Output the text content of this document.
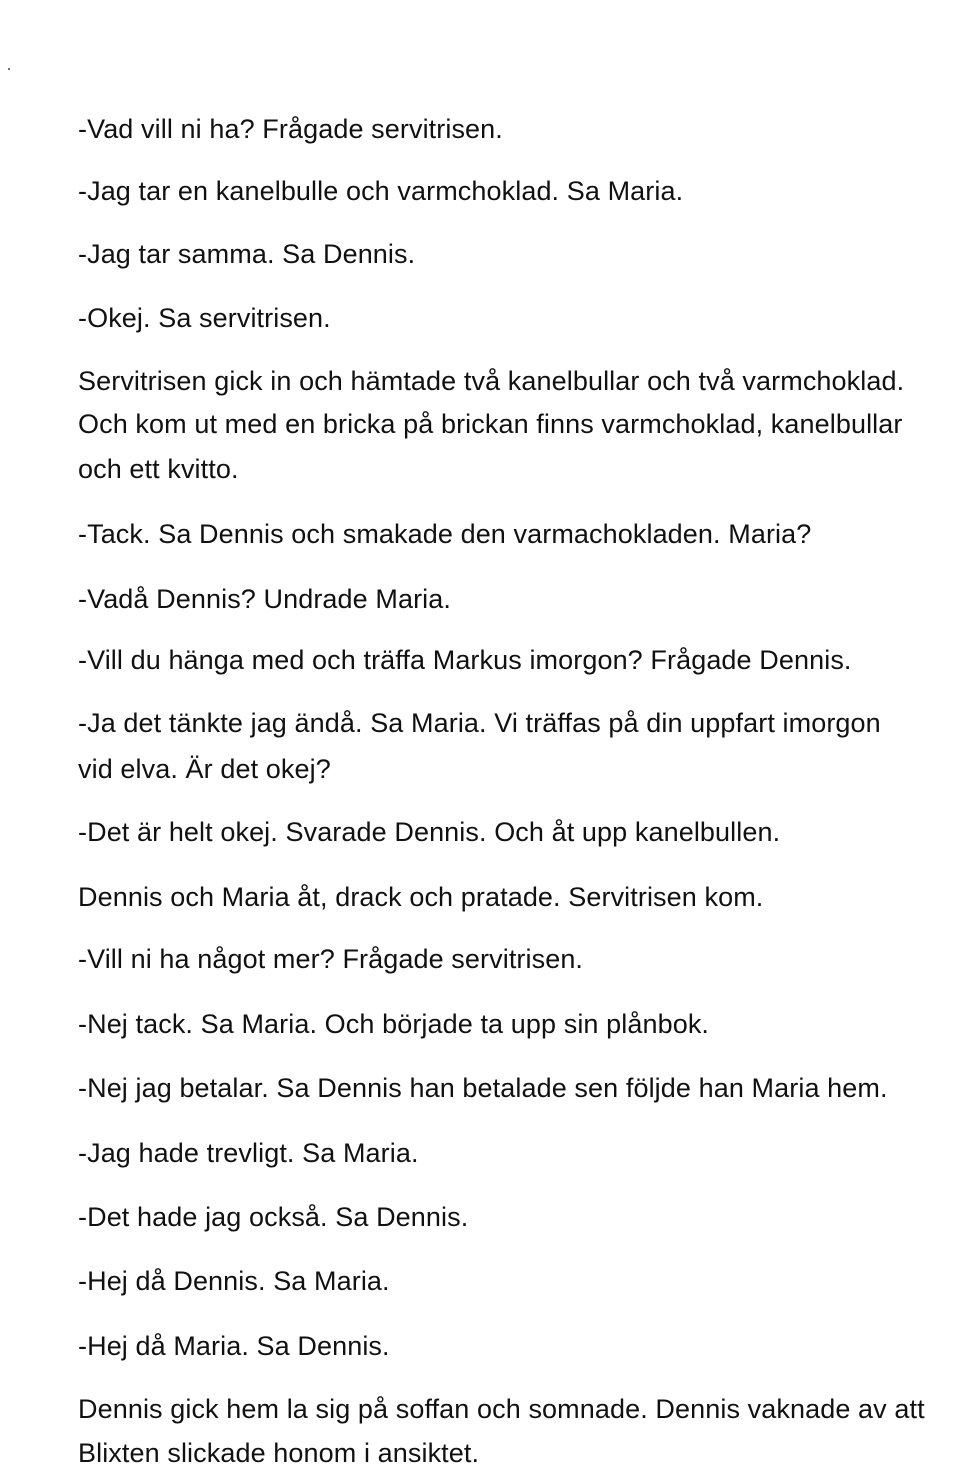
-Vad vill ni ha? Frågade servitrisen.

-Jag tar en kanelbulle och varmchoklad. Sa Maria.

-Jag tar samma. Sa Dennis.

-Okej. Sa servitrisen.

Servitrisen gick in och hämtade två kanelbullar och två varmchoklad.

Och kom ut med en bricka på brickan finns varmchoklad, kanelbullar

och ett kvitto.

-Tack. Sa Dennis och smakade den varmachokladen. Maria?

-Vadå Dennis? Undrade Maria.

-Vill du hänga med och träffa Markus imorgon? Frågade Dennis.

-Ja det tänkte jag ändå. Sa Maria. Vi träffas på din uppfart imorgon

vid elva. Är det okej?

-Det är helt okej. Svarade Dennis. Och åt upp kanelbullen.

Dennis och Maria åt, drack och pratade. Servitrisen kom.

-Vill ni ha något mer? Frågade servitrisen.

-Nej tack. Sa Maria. Och började ta upp sin plånbok.

-Nej jag betalar. Sa Dennis han betalade sen följde han Maria hem.

-Jag hade trevligt. Sa Maria.

-Det hade jag också. Sa Dennis.

-Hej då Dennis. Sa Maria.

-Hej då Maria. Sa Dennis.

Dennis gick hem la sig på soffan och somnade. Dennis vaknade av att

Blixten slickade honom i ansiktet.
